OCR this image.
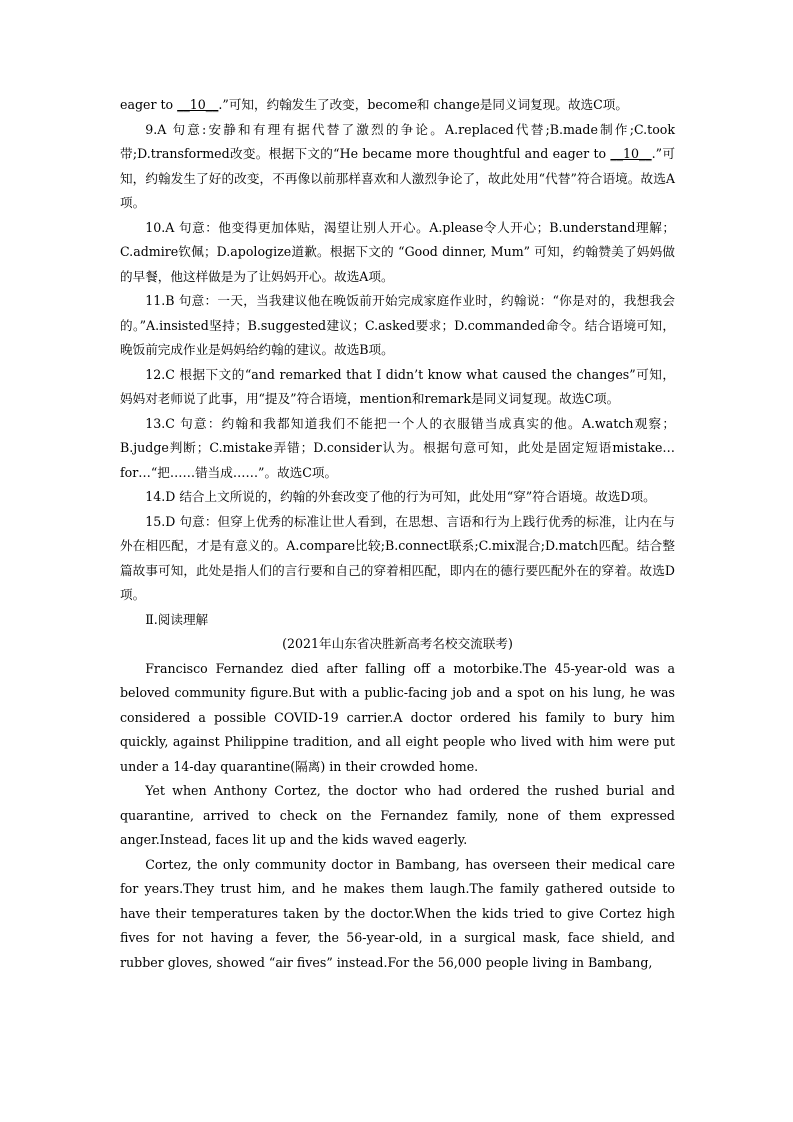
eager to __10__.”可知，约翰发生了改变，become和 change是同义词复现。故选C项。

9.A 句意:安静和有理有据代替了激烈的争论。A.replaced代替;B.made制作;C.took带;D.transformed改变。根据下文的“He became more thoughtful and eager to __10__.”可知，约翰发生了好的改变，不再像以前那样喜欢和人激烈争论了，故此处用“代替”符合语境。故选A项。

10.A 句意：他变得更加体贴，渴望让别人开心。A.please令人开心；B.understand理解；C.admire钦佩；D.apologize道歉。根据下文的 “Good dinner, Mum” 可知，约翰赞美了妈妈做的早餐，他这样做是为了让妈妈开心。故选A项。

11.B 句意：一天，当我建议他在晚饭前开始完成家庭作业时，约翰说：“你是对的，我想我会的。”A.insisted坚持；B.suggested建议；C.asked要求；D.commanded命令。结合语境可知，晚饭前完成作业是妈妈给约翰的建议。故选B项。

12.C 根据下文的“and remarked that I didn’t know what caused the changes”可知，妈妈对老师说了此事，用“提及”符合语境，mention和remark是同义词复现。故选C项。

13.C 句意：约翰和我都知道我们不能把一个人的衣服错当成真实的他。A.watch观察；B.judge判断；C.mistake弄错；D.consider认为。根据句意可知，此处是固定短语mistake…for…“把……错当成……”。故选C项。

14.D 结合上文所说的，约翰的外套改变了他的行为可知，此处用“穿”符合语境。故选D项。

15.D 句意：但穿上优秀的标准让世人看到，在思想、言语和行为上践行优秀的标准，让内在与外在相匹配，才是有意义的。A.compare比较;B.connect联系;C.mix混合;D.match匹配。结合整篇故事可知，此处是指人们的言行要和自己的穿着相匹配，即内在的德行要匹配外在的穿着。故选D项。

Ⅱ.阅读理解

(2021年山东省决胜新高考名校交流联考)

Francisco Fernandez died after falling off a motorbike.The 45-year-old was a beloved community figure.But with a public-facing job and a spot on his lung, he was considered a possible COVID-19 carrier.A doctor ordered his family to bury him quickly, against Philippine tradition, and all eight people who lived with him were put under a 14-day quarantine(隔离) in their crowded home.

Yet when Anthony Cortez, the doctor who had ordered the rushed burial and quarantine, arrived to check on the Fernandez family, none of them expressed anger.Instead, faces lit up and the kids waved eagerly.

Cortez, the only community doctor in Bambang, has overseen their medical care for years.They trust him, and he makes them laugh.The family gathered outside to have their temperatures taken by the doctor.When the kids tried to give Cortez high fives for not having a fever, the 56-year-old, in a surgical mask, face shield, and rubber gloves, showed “air fives” instead.For the 56,000 people living in Bambang,
